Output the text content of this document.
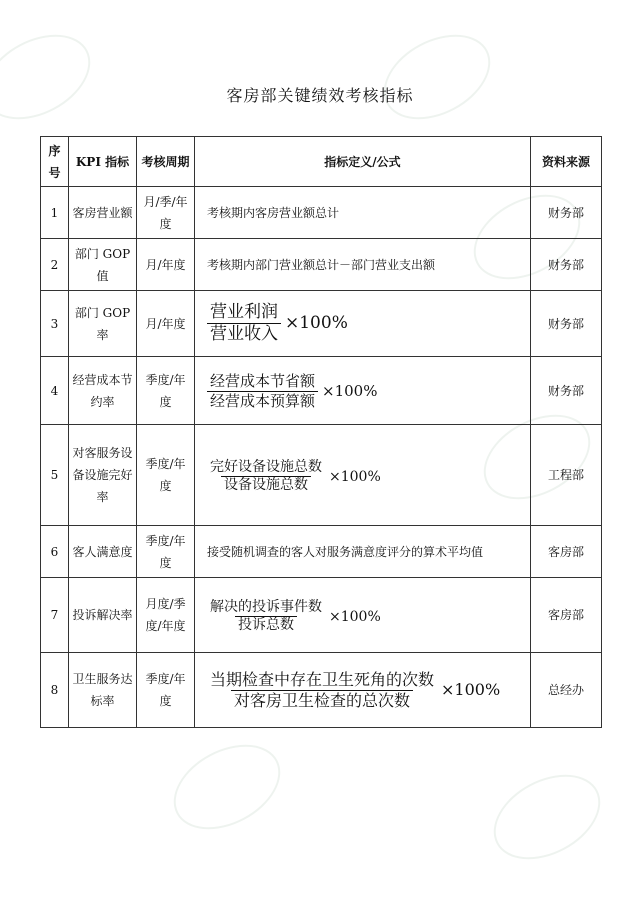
客房部关键绩效考核指标
序号	KPI 指标	考核周期	指标定义/公式	资料来源
1	客房营业额	月/季/年度	考核期内客房营业额总计	财务部
2	部门 GOP 值	月/年度	考核期内部门营业额总计－部门营业支出额	财务部
3	部门 GOP 率	月/年度	$\frac{\text{营业利润}}{\text{营业收入}} \times 100\%$	财务部
4	经营成本节约率	季度/年度	$\frac{\text{经营成本节省额}}{\text{经营成本预算额}} \times 100\%$	财务部
5	对客服务设备设施完好率	季度/年度	$\frac{\text{完好设备设施总数}}{\text{设备设施总数}} \times 100\%$	工程部
6	客人满意度	季度/年度	接受随机调查的客人对服务满意度评分的算术平均值	客房部
7	投诉解决率	月度/季度/年度	$\frac{\text{解决的投诉事件数}}{\text{投诉总数}} \times 100\%$	客房部
8	卫生服务达标率	季度/年度	$\frac{\text{当期检查中存在卫生死角的次数}}{\text{对客房卫生检查的总次数}} \times 100\%$	总经办
